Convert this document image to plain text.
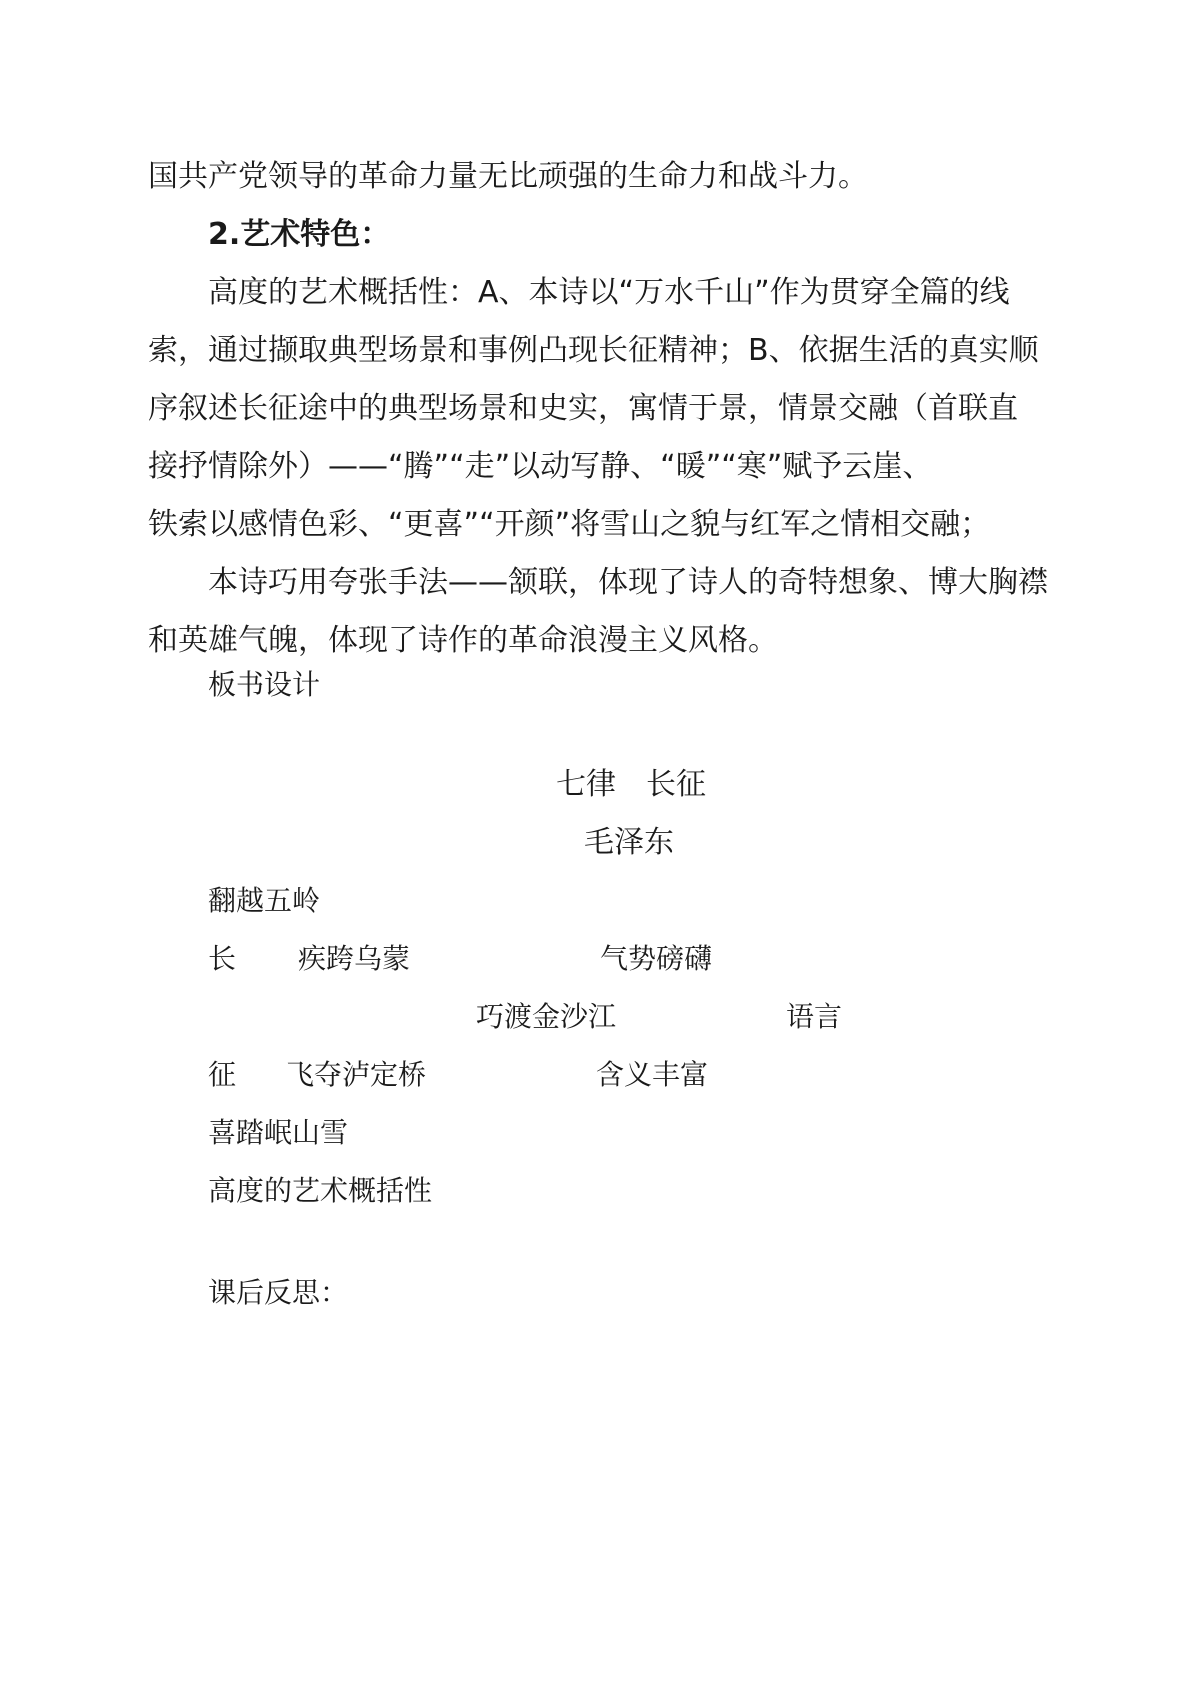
国共产党领导的革命力量无比顽强的生命力和战斗力。
2.艺术特色：
高度的艺术概括性：A、本诗以“万水千山”作为贯穿全篇的线
索，通过撷取典型场景和事例凸现长征精神；B、依据生活的真实顺
序叙述长征途中的典型场景和史实，寓情于景，情景交融（首联直
接抒情除外）——“腾”“走”以动写静、“暖”“寒”赋予云崖、
铁索以感情色彩、“更喜”“开颜”将雪山之貌与红军之情相交融；
本诗巧用夸张手法——颔联，体现了诗人的奇特想象、博大胸襟
和英雄气魄，体现了诗作的革命浪漫主义风格。
板书设计
七律　长征
毛泽东
翻越五岭
长 疾跨乌蒙	气势磅礴
巧渡金沙江	语言
征 飞夺泸定桥	含义丰富
喜踏岷山雪
高度的艺术概括性
课后反思：
